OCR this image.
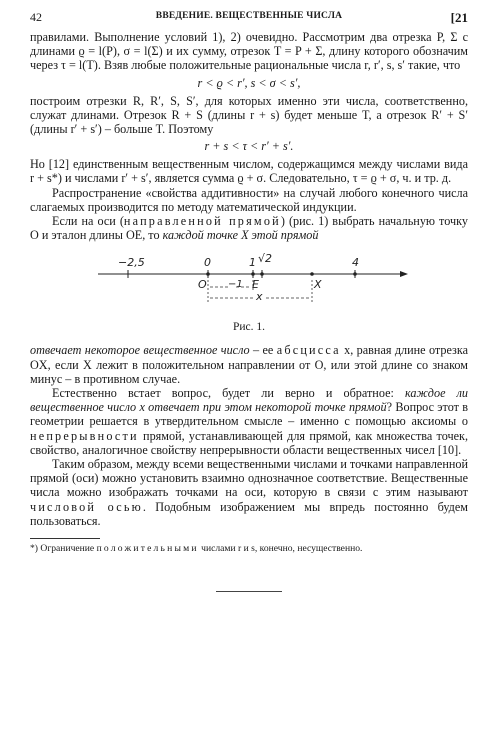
42	ВВЕДЕНИЕ. ВЕЩЕСТВЕННЫЕ ЧИСЛА	[21

правилами. Выполнение условий 1), 2) очевидно. Рассмотрим два отрезка P, Σ с длинами ϱ = l(P), σ = l(Σ) и их сумму, отрезок T = P + Σ, длину которого обозначим через τ = l(T). Взяв любые положительные рациональные числа r, r′, s, s′ такие, что

r < ϱ < r′, s < σ < s′,

построим отрезки R, R′, S, S′, для которых именно эти числа, соответственно, служат длинами. Отрезок R + S (длины r + s) будет меньше T, а отрезок R′ + S′ (длины r′ + s′) – больше T. Поэтому

r + s < τ < r′ + s′.

Но [12] единственным вещественным числом, содержащимся между числами вида r + s*) и числами r′ + s′, является сумма ϱ + σ. Следовательно, τ = ϱ + σ, ч. и тр. д.

Распространение «свойства аддитивности» на случай любого конечного числа слагаемых производится по методу математической индукции.

Если на оси (направленной прямой) (рис. 1) выбрать начальную точку O и эталон длины OE, то каждой точке X этой прямой

−2,5	0	1 √2	4
O	E	X
−1
x
Рис. 1.

отвечает некоторое вещественное число – ее абсцисса x, равная длине отрезка OX, если X лежит в положительном направлении от O, или этой длине со знаком минус – в противном случае.

Естественно встает вопрос, будет ли верно и обратное: каждое ли вещественное число x отвечает при этом некоторой точке прямой? Вопрос этот в геометрии решается в утвердительном смысле – именно с помощью аксиомы о непрерывности прямой, устанавливающей для прямой, как множества точек, свойство, аналогичное свойству непрерывности области вещественных чисел [10].

Таким образом, между всеми вещественными числами и точками направленной прямой (оси) можно установить взаимно однозначное соответствие. Вещественные числа можно изображать точками на оси, которую в связи с этим называют числовой осью. Подобным изображением мы впредь постоянно будем пользоваться.

*) Ограничение положительными числами r и s, конечно, несущественно.
